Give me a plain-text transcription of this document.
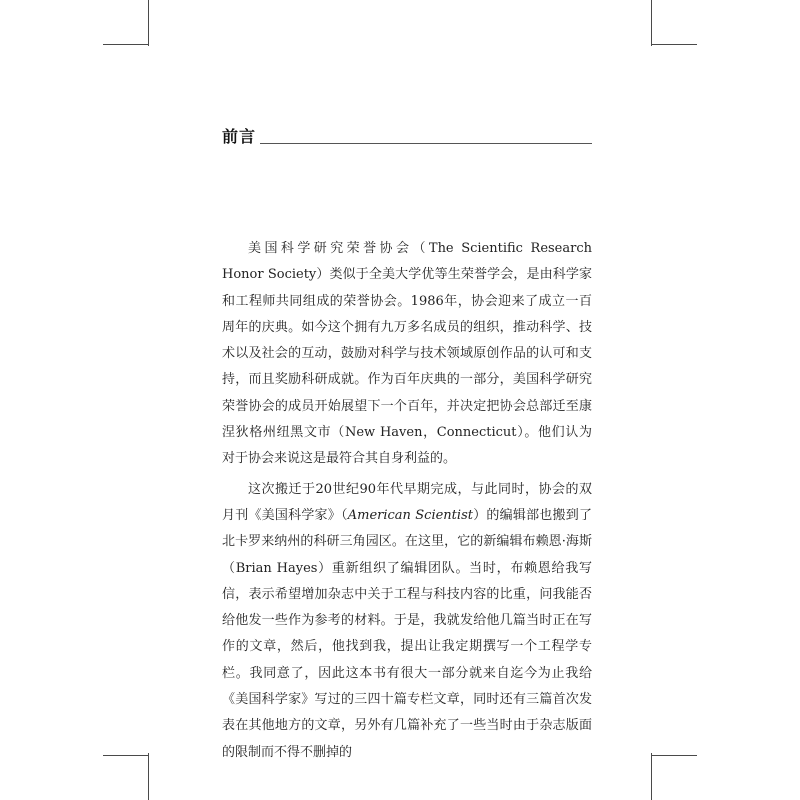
前言

美国科学研究荣誉协会（The Scientific Research Honor Society）类似于全美大学优等生荣誉学会，是由科学家和工程师共同组成的荣誉协会。1986年，协会迎来了成立一百周年的庆典。如今这个拥有九万多名成员的组织，推动科学、技术以及社会的互动，鼓励对科学与技术领域原创作品的认可和支持，而且奖励科研成就。作为百年庆典的一部分，美国科学研究荣誉协会的成员开始展望下一个百年，并决定把协会总部迁至康涅狄格州纽黑文市（New Haven，Connecticut）。他们认为对于协会来说这是最符合其自身利益的。

这次搬迁于20世纪90年代早期完成，与此同时，协会的双月刊《美国科学家》（American Scientist）的编辑部也搬到了北卡罗来纳州的科研三角园区。在这里，它的新编辑布赖恩·海斯（Brian Hayes）重新组织了编辑团队。当时，布赖恩给我写信，表示希望增加杂志中关于工程与科技内容的比重，问我能否给他发一些作为参考的材料。于是，我就发给他几篇当时正在写作的文章，然后，他找到我，提出让我定期撰写一个工程学专栏。我同意了，因此这本书有很大一部分就来自迄今为止我给《美国科学家》写过的三四十篇专栏文章，同时还有三篇首次发表在其他地方的文章，另外有几篇补充了一些当时由于杂志版面的限制而不得不删掉的
